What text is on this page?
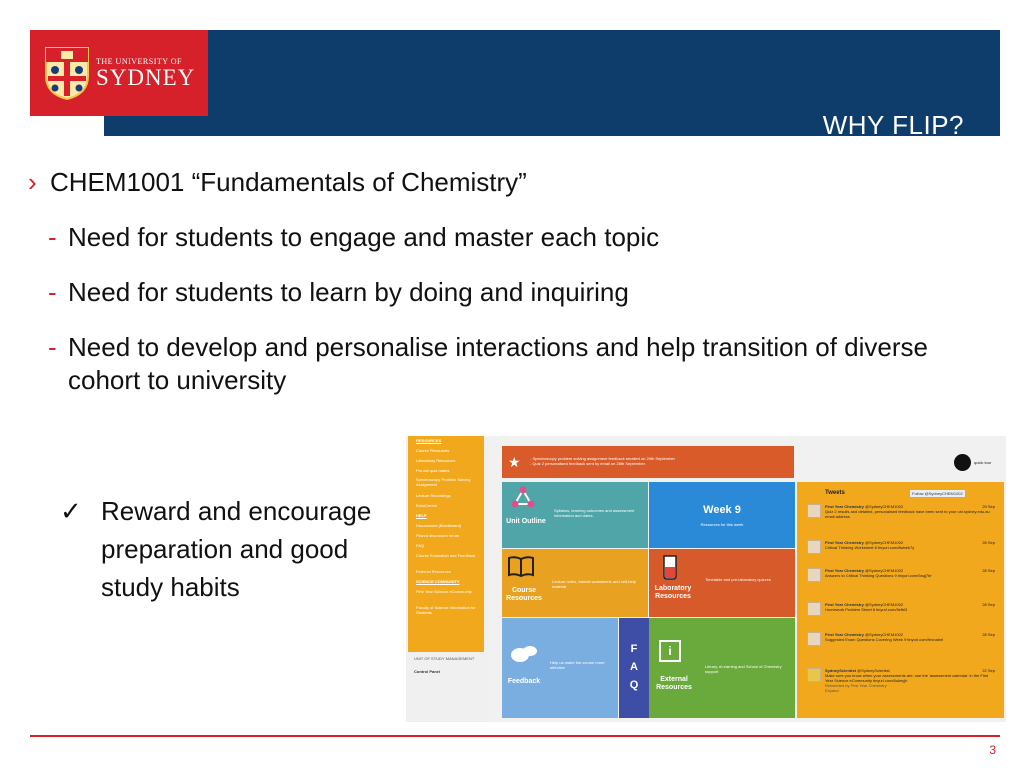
WHY FLIP?
THE UNIVERSITY OF
SYDNEY
› CHEM1001 “Fundamentals of Chemistry”
- Need for students to engage and master each topic
- Need for students to learn by doing and inquiring
- Need to develop and personalise interactions and help transition of diverse cohort to university
✓ Reward and encourage preparation and good study habits
RESOURCES
Course Resources
Laboratory Resources
Pre-lab quiz marks
Spectroscopy Problem Solving Assignment
Lecture Recordings
EchoCentre
HELP
Discussions (Blackboard)
Piazza discussion forum
FAQ
Course Evaluation and Feedback
External Resources
SCIENCE COMMUNITY
First Year Science eCommunity
Faculty of Science Information for Students
UNIT OF STUDY MANAGEMENT
Control Panel
★ - Spectroscopy problem solving assignment feedback emailed on 20th September
- Quiz 2 personalised feedback sent by email on 26th September.	quick tour
Unit Outline
Syllabus, learning outcomes and assessment information and dates.	Week 9
Resources for this week
Course Resources
Lecture notes, tutorial worksheets and self-help material	Laboratory Resources
Timetable and pre-laboratory quizzes
Feedback
Help us make the course more effective
F A Q
i
External Resources
Library, eLearning and School of Chemistry support
Tweets	Follow @SydneyCHEM1002
First Year Chemistry @SydneyCHEM1002	29 Sep
Quiz 2 results and detailed, personalised feedback have been sent to your uni.sydney.edu.au email address
First Year Chemistry @SydneyCHEM1002	28 Sep
Critical Thinking Worksheet 8 tinyurl.com/8wbek7y
First Year Chemistry @SydneyCHEM1002	28 Sep
Answers to Critical Thinking Questions 9 tinyurl.com/9aqj7br
First Year Chemistry @SydneyCHEM1002	28 Sep
Homework Problem Sheet 8 tinyurl.com/9zfbl3
First Year Chemistry @SydneyCHEM1002	28 Sep
Suggested Exam Questions Covering Week 9 tinyurl.com/9rcnabel
SydneyScientist @SydneyScientist	22 Sep
Make sure you know when your assessments are: use the 'assessment calendar' in the First Year Science eCommunity tinyurl.com/8ukeyjh
Retweeted by First Year Chemistry
Expand
3
